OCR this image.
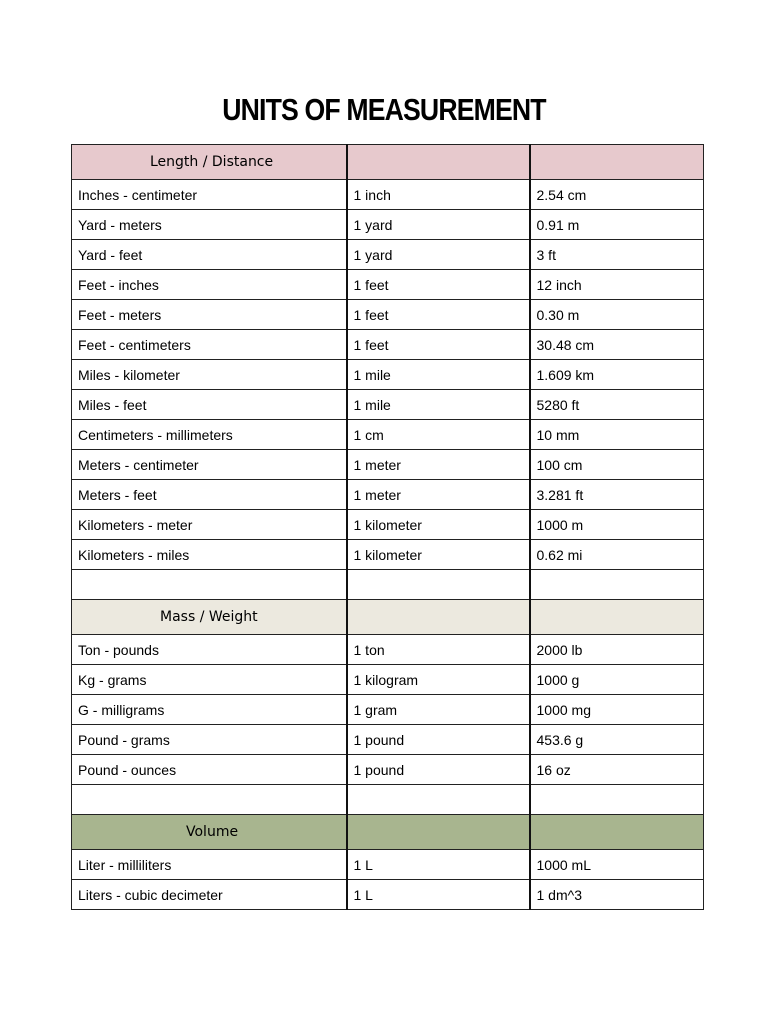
UNITS OF MEASUREMENT
Length / Distance		
Inches - centimeter	1 inch	2.54 cm
Yard - meters	1 yard	0.91 m
Yard - feet	1 yard	3 ft
Feet - inches	1 feet	12 inch
Feet - meters	1 feet	0.30 m
Feet - centimeters	1 feet	30.48 cm
Miles - kilometer	1 mile	1.609 km
Miles - feet	1 mile	5280 ft
Centimeters - millimeters	1 cm	10 mm
Meters - centimeter	1 meter	100 cm
Meters - feet	1 meter	3.281 ft
Kilometers - meter	1 kilometer	1000 m
Kilometers - miles	1 kilometer	0.62 mi

Mass / Weight		
Ton - pounds	1 ton	2000 lb
Kg - grams	1 kilogram	1000 g
G - milligrams	1 gram	1000 mg
Pound - grams	1 pound	453.6 g
Pound - ounces	1 pound	16 oz

Volume		
Liter - milliliters	1 L	1000 mL
Liters - cubic decimeter	1 L	1 dm^3
